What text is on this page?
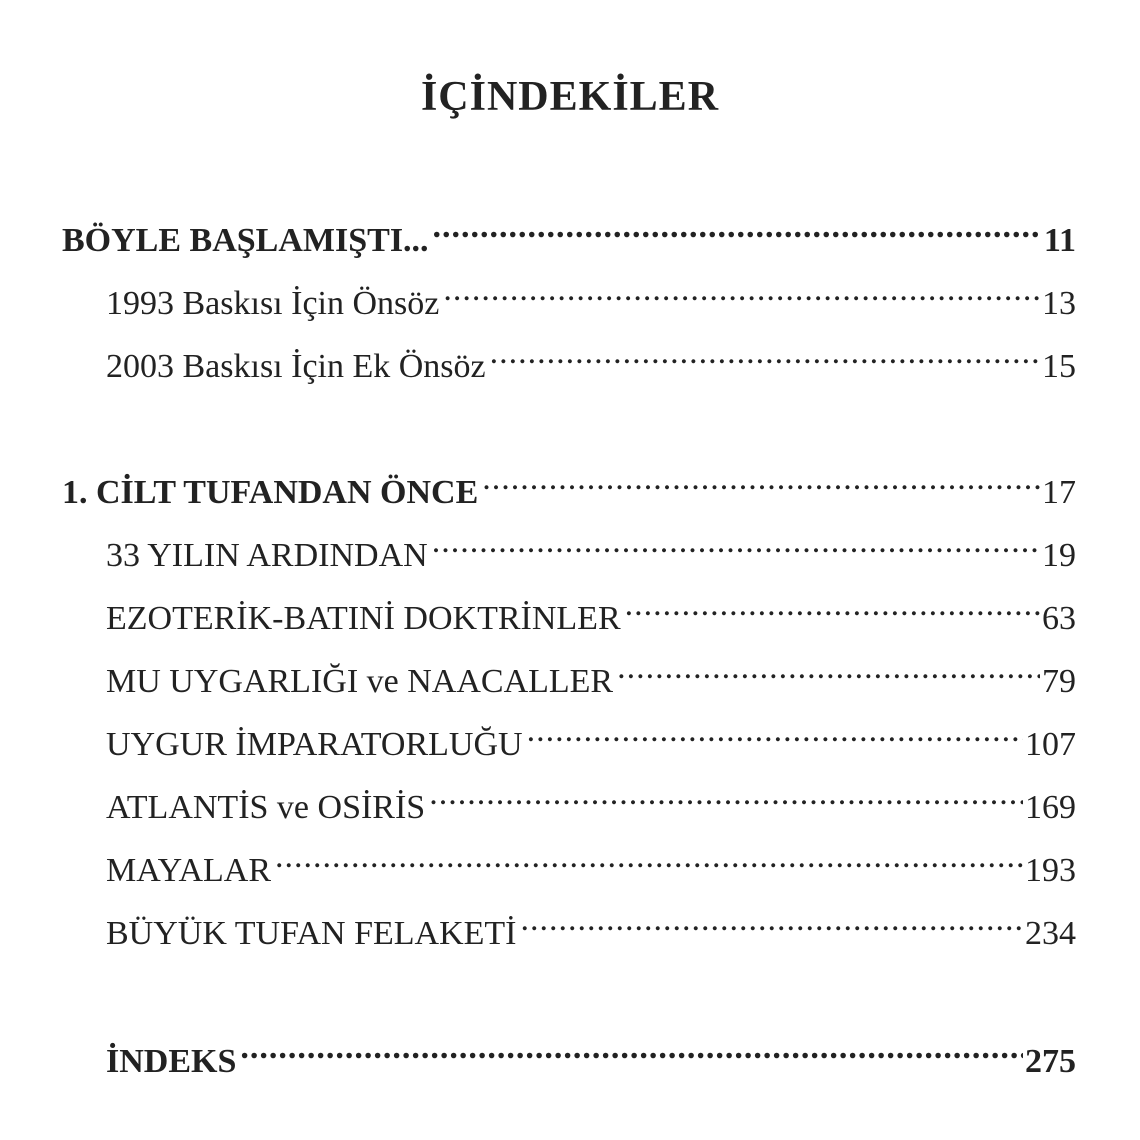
İÇİNDEKİLER
BÖYLE BAŞLAMIŞTI... .....	11
1993 Baskısı İçin Önsöz .....	13
2003 Baskısı İçin Ek Önsöz .....	15
1. CİLT TUFANDAN ÖNCE .....	17
33 YILIN ARDINDAN .....	19
EZOTERİK-BATINİ DOKTRİNLER .....	63
MU UYGARLIĞI ve NAACALLER .....	79
UYGUR İMPARATORLUĞU .....	107
ATLANTİS ve OSİRİS .....	169
MAYALAR .....	193
BÜYÜK TUFAN FELAKETİ .....	234
İNDEKS .....	275
